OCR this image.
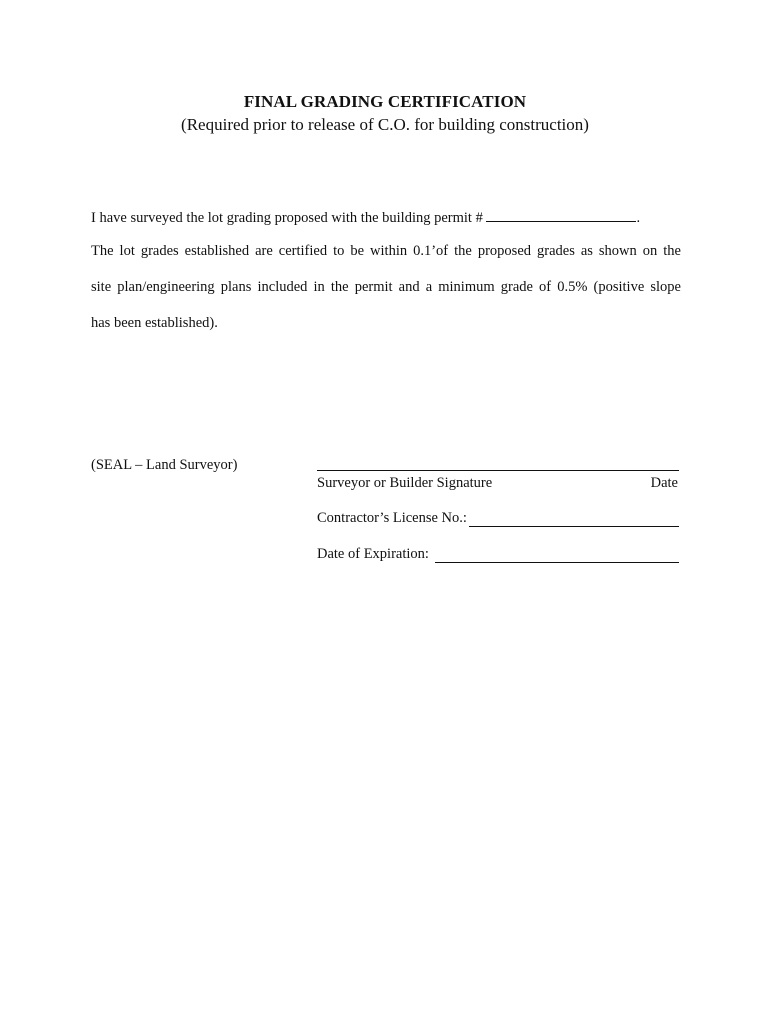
FINAL GRADING CERTIFICATION
(Required prior to release of C.O. for building construction)
I have surveyed the lot grading proposed with the building permit #	.
The lot grades established are certified to be within 0.1’of the proposed grades as shown on the
site plan/engineering plans included in the permit and a minimum grade of 0.5% (positive slope
has been established).
(SEAL – Land Surveyor)
Surveyor or Builder Signature	Date
Contractor’s License No.:
Date of Expiration:
